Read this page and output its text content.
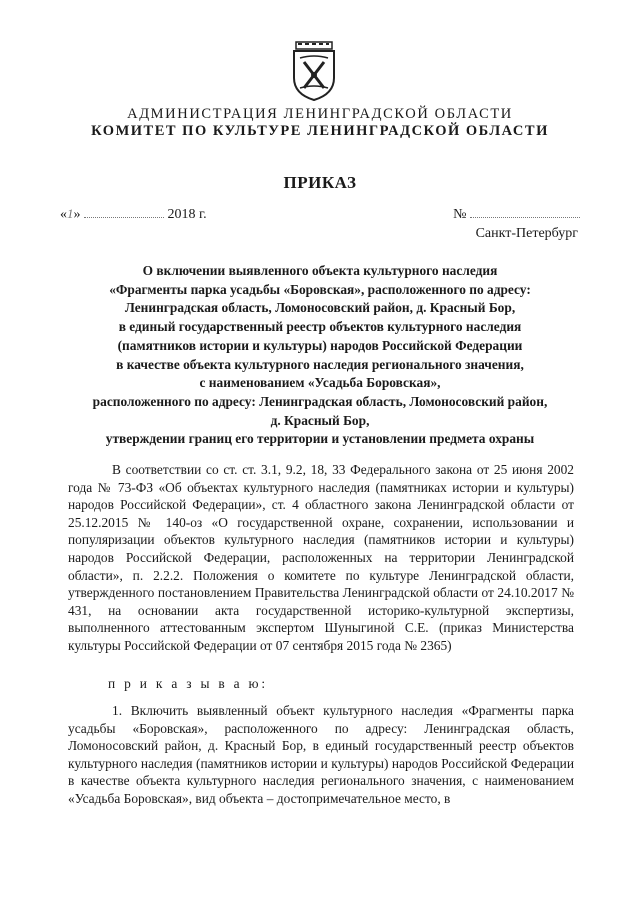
АДМИНИСТРАЦИЯ ЛЕНИНГРАДСКОЙ ОБЛАСТИ
КОМИТЕТ ПО КУЛЬТУРЕ ЛЕНИНГРАДСКОЙ ОБЛАСТИ
ПРИКАЗ
«1»	2018 г.	№
Санкт-Петербург
О включении выявленного объекта культурного наследия
«Фрагменты парка усадьбы «Боровская», расположенного по адресу:
Ленинградская область, Ломоносовский район, д. Красный Бор,
в единый государственный реестр объектов культурного наследия
(памятников истории и культуры) народов Российской Федерации
в качестве объекта культурного наследия регионального значения,
с наименованием «Усадьба Боровская»,
расположенного по адресу: Ленинградская область, Ломоносовский район,
д. Красный Бор,
утверждении границ его территории и установлении предмета охраны

В соответствии со ст. ст. 3.1, 9.2, 18, 33 Федерального закона от 25 июня 2002 года № 73-ФЗ «Об объектах культурного наследия (памятниках истории и культуры) народов Российской Федерации», ст. 4 областного закона Ленинградской области от 25.12.2015 № 140-оз «О государственной охране, сохранении, использовании и популяризации объектов культурного наследия (памятников истории и культуры) народов Российской Федерации, расположенных на территории Ленинградской области», п. 2.2.2. Положения о комитете по культуре Ленинградской области, утвержденного постановлением Правительства Ленинградской области от 24.10.2017 № 431, на основании акта государственной историко-культурной экспертизы, выполненного аттестованным экспертом Шуныгиной С.Е. (приказ Министерства культуры Российской Федерации от 07 сентября 2015 года № 2365)

п р и к а з ы в а ю:

1. Включить выявленный объект культурного наследия «Фрагменты парка усадьбы «Боровская», расположенного по адресу: Ленинградская область, Ломоносовский район, д. Красный Бор, в единый государственный реестр объектов культурного наследия (памятников истории и культуры) народов Российской Федерации в качестве объекта культурного наследия регионального значения, с наименованием «Усадьба Боровская», вид объекта – достопримечательное место, в
